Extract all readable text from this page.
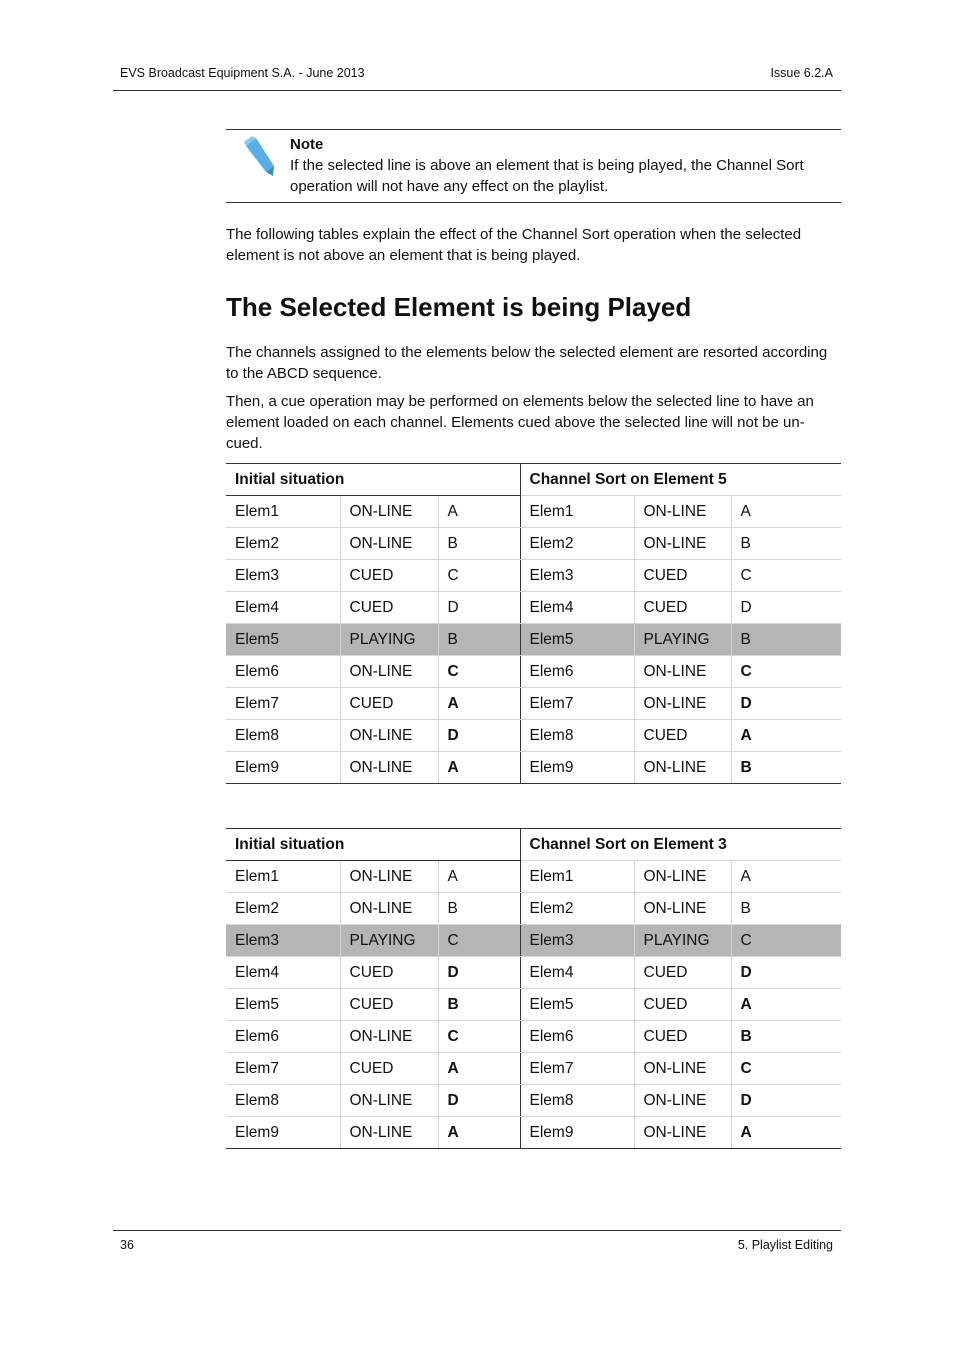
EVS Broadcast Equipment S.A. - June 2013	Issue 6.2.A
Note
If the selected line is above an element that is being played, the Channel Sort operation will not have any effect on the playlist.
The following tables explain the effect of the Channel Sort operation when the selected element is not above an element that is being played.
The Selected Element is being Played
The channels assigned to the elements below the selected element are resorted according to the ABCD sequence.
Then, a cue operation may be performed on elements below the selected line to have an element loaded on each channel. Elements cued above the selected line will not be un-cued.
Initial situation			Channel Sort on Element 5		
Elem1	ON-LINE	A	Elem1	ON-LINE	A
Elem2	ON-LINE	B	Elem2	ON-LINE	B
Elem3	CUED	C	Elem3	CUED	C
Elem4	CUED	D	Elem4	CUED	D
Elem5	PLAYING	B	Elem5	PLAYING	B
Elem6	ON-LINE	C	Elem6	ON-LINE	C
Elem7	CUED	A	Elem7	ON-LINE	D
Elem8	ON-LINE	D	Elem8	CUED	A
Elem9	ON-LINE	A	Elem9	ON-LINE	B
Initial situation			Channel Sort on Element 3		
Elem1	ON-LINE	A	Elem1	ON-LINE	A
Elem2	ON-LINE	B	Elem2	ON-LINE	B
Elem3	PLAYING	C	Elem3	PLAYING	C
Elem4	CUED	D	Elem4	CUED	D
Elem5	CUED	B	Elem5	CUED	A
Elem6	ON-LINE	C	Elem6	CUED	B
Elem7	CUED	A	Elem7	ON-LINE	C
Elem8	ON-LINE	D	Elem8	ON-LINE	D
Elem9	ON-LINE	A	Elem9	ON-LINE	A
36	5. Playlist Editing
